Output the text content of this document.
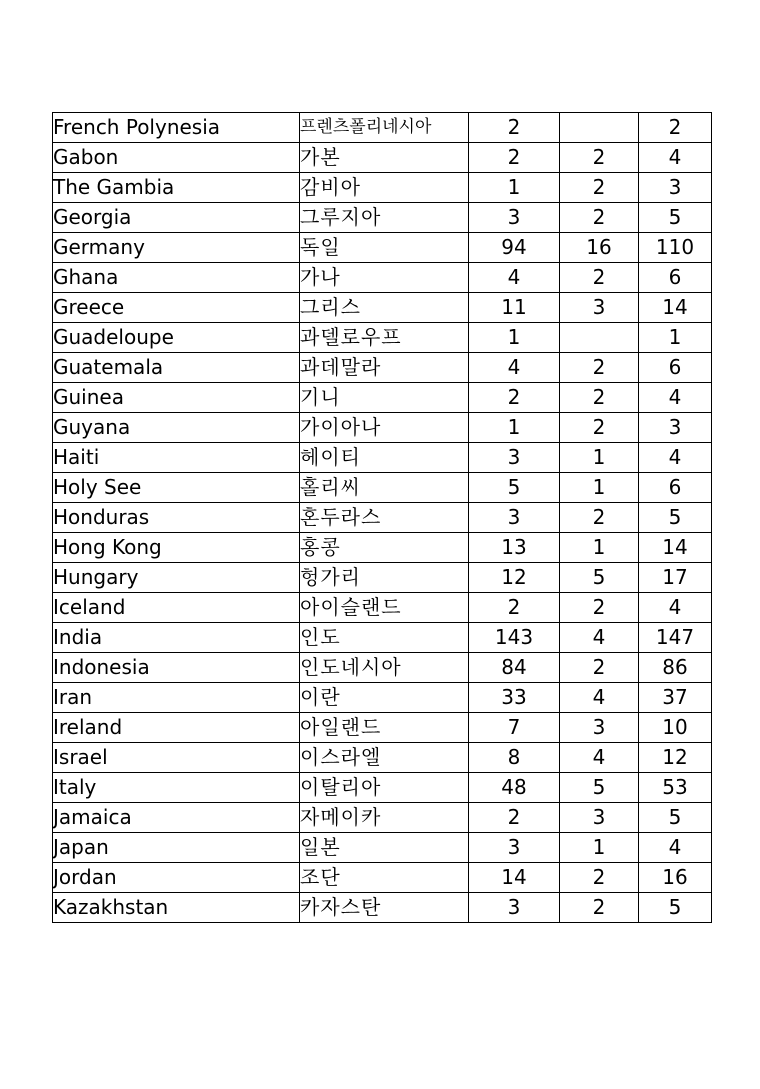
French Polynesia	프렌츠폴리네시아	2		2
Gabon	가본	2	2	4
The Gambia	감비아	1	2	3
Georgia	그루지아	3	2	5
Germany	독일	94	16	110
Ghana	가나	4	2	6
Greece	그리스	11	3	14
Guadeloupe	과델로우프	1		1
Guatemala	과데말라	4	2	6
Guinea	기니	2	2	4
Guyana	가이아나	1	2	3
Haiti	헤이티	3	1	4
Holy See	홀리씨	5	1	6
Honduras	혼두라스	3	2	5
Hong Kong	홍콩	13	1	14
Hungary	헝가리	12	5	17
Iceland	아이슬랜드	2	2	4
India	인도	143	4	147
Indonesia	인도네시아	84	2	86
Iran	이란	33	4	37
Ireland	아일랜드	7	3	10
Israel	이스라엘	8	4	12
Italy	이탈리아	48	5	53
Jamaica	자메이카	2	3	5
Japan	일본	3	1	4
Jordan	조단	14	2	16
Kazakhstan	카자스탄	3	2	5
